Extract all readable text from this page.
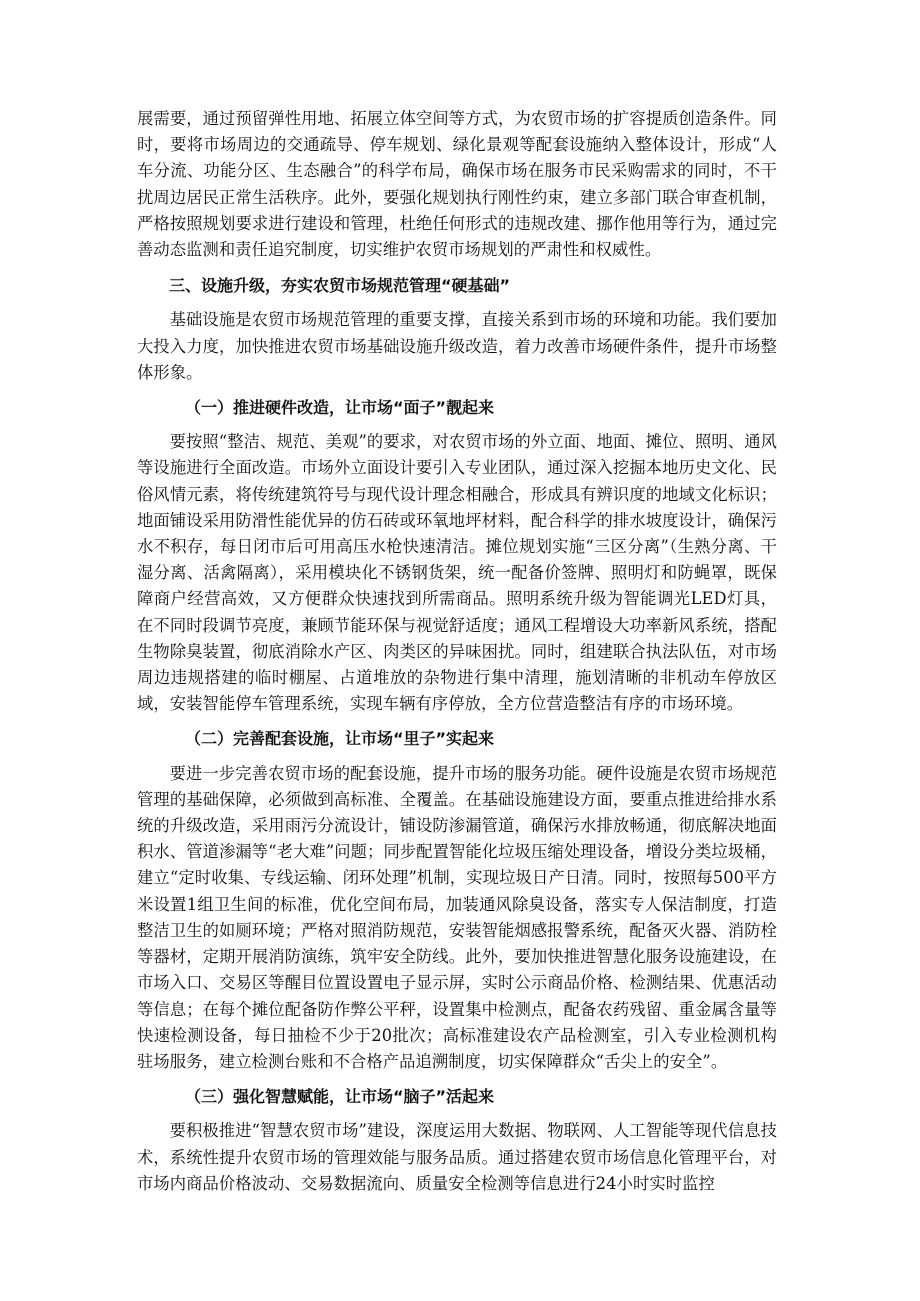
展需要，通过预留弹性用地、拓展立体空间等方式，为农贸市场的扩容提质创造条件。同时，要将市场周边的交通疏导、停车规划、绿化景观等配套设施纳入整体设计，形成“人车分流、功能分区、生态融合”的科学布局，确保市场在服务市民采购需求的同时，不干扰周边居民正常生活秩序。此外，要强化规划执行刚性约束，建立多部门联合审查机制，严格按照规划要求进行建设和管理，杜绝任何形式的违规改建、挪作他用等行为，通过完善动态监测和责任追究制度，切实维护农贸市场规划的严肃性和权威性。

三、设施升级，夯实农贸市场规范管理“硬基础”

基础设施是农贸市场规范管理的重要支撑，直接关系到市场的环境和功能。我们要加大投入力度，加快推进农贸市场基础设施升级改造，着力改善市场硬件条件，提升市场整体形象。

（一）推进硬件改造，让市场“面子”靓起来

要按照“整洁、规范、美观”的要求，对农贸市场的外立面、地面、摊位、照明、通风等设施进行全面改造。市场外立面设计要引入专业团队，通过深入挖掘本地历史文化、民俗风情元素，将传统建筑符号与现代设计理念相融合，形成具有辨识度的地域文化标识；地面铺设采用防滑性能优异的仿石砖或环氧地坪材料，配合科学的排水坡度设计，确保污水不积存，每日闭市后可用高压水枪快速清洁。摊位规划实施“三区分离”（生熟分离、干湿分离、活禽隔离），采用模块化不锈钢货架，统一配备价签牌、照明灯和防蝇罩，既保障商户经营高效，又方便群众快速找到所需商品。照明系统升级为智能调光LED灯具，在不同时段调节亮度，兼顾节能环保与视觉舒适度；通风工程增设大功率新风系统，搭配生物除臭装置，彻底消除水产区、肉类区的异味困扰。同时，组建联合执法队伍，对市场周边违规搭建的临时棚屋、占道堆放的杂物进行集中清理，施划清晰的非机动车停放区域，安装智能停车管理系统，实现车辆有序停放，全方位营造整洁有序的市场环境。

（二）完善配套设施，让市场“里子”实起来

要进一步完善农贸市场的配套设施，提升市场的服务功能。硬件设施是农贸市场规范管理的基础保障，必须做到高标准、全覆盖。在基础设施建设方面，要重点推进给排水系统的升级改造，采用雨污分流设计，铺设防渗漏管道，确保污水排放畅通，彻底解决地面积水、管道渗漏等“老大难”问题；同步配置智能化垃圾压缩处理设备，增设分类垃圾桶，建立“定时收集、专线运输、闭环处理”机制，实现垃圾日产日清。同时，按照每500平方米设置1组卫生间的标准，优化空间布局，加装通风除臭设备，落实专人保洁制度，打造整洁卫生的如厕环境；严格对照消防规范，安装智能烟感报警系统，配备灭火器、消防栓等器材，定期开展消防演练，筑牢安全防线。此外，要加快推进智慧化服务设施建设，在市场入口、交易区等醒目位置设置电子显示屏，实时公示商品价格、检测结果、优惠活动等信息；在每个摊位配备防作弊公平秤，设置集中检测点，配备农药残留、重金属含量等快速检测设备，每日抽检不少于20批次；高标准建设农产品检测室，引入专业检测机构驻场服务，建立检测台账和不合格产品追溯制度，切实保障群众“舌尖上的安全”。

（三）强化智慧赋能，让市场“脑子”活起来

要积极推进“智慧农贸市场”建设，深度运用大数据、物联网、人工智能等现代信息技术，系统性提升农贸市场的管理效能与服务品质。通过搭建农贸市场信息化管理平台，对市场内商品价格波动、交易数据流向、质量安全检测等信息进行24小时实时监控
